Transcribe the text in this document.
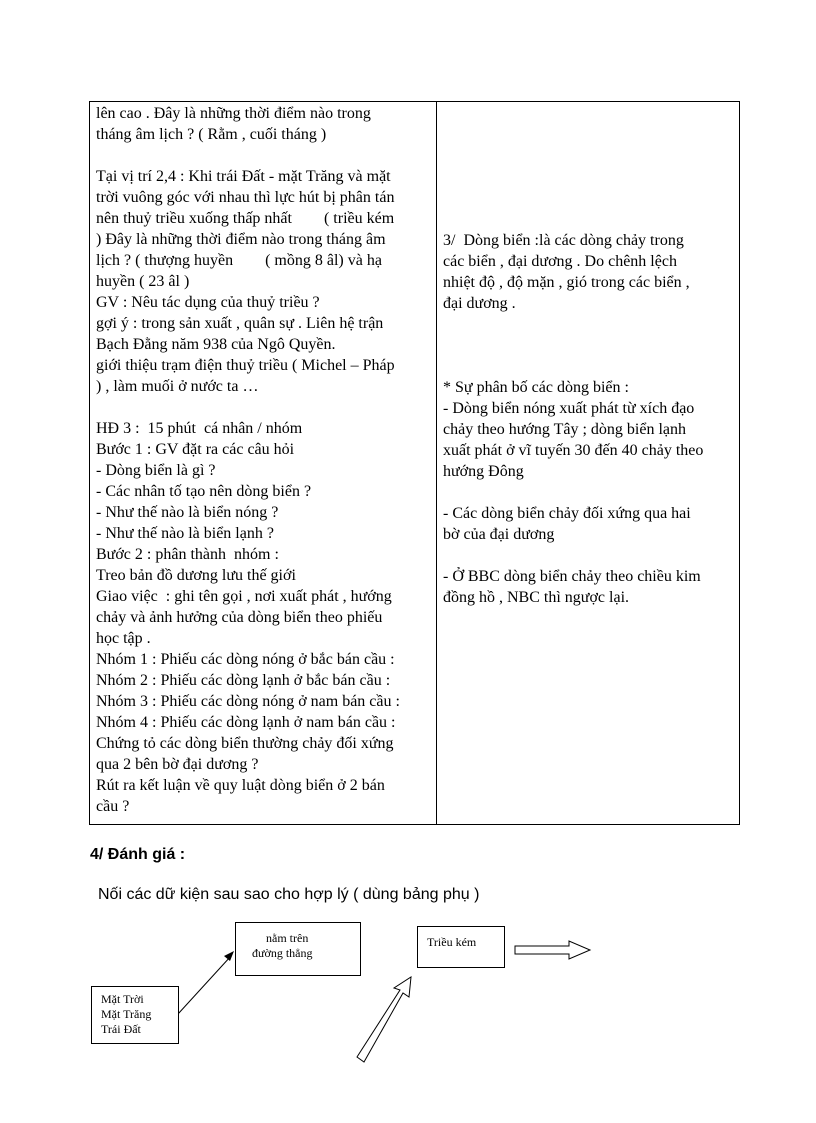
lên cao . Đây là những thời điểm nào trong
tháng âm lịch ? ( Rằm , cuối tháng )
Tại vị trí 2,4 : Khi trái Đất - mặt Trăng và mặt
trời vuông góc với nhau thì lực hút bị phân tán
nên thuỷ triều xuống thấp nhất        ( triều kém
) Đây là những thời điểm nào trong tháng âm
lịch ? ( thượng huyền        ( mồng 8 âl) và hạ
huyền ( 23 âl )
GV : Nêu tác dụng của thuỷ triều ?
gợi ý : trong sản xuất , quân sự . Liên hệ trận
Bạch Đằng năm 938 của Ngô Quyền.
giới thiệu trạm điện thuỷ triều ( Michel – Pháp
) , làm muối ở nước ta …
HĐ 3 :  15 phút  cá nhân / nhóm
Bước 1 : GV đặt ra các câu hỏi
- Dòng biển là gì ?
- Các nhân tố tạo nên dòng biển ?
- Như thế nào là biển nóng ?
- Như thế nào là biển lạnh ?
Bước 2 : phân thành  nhóm :
Treo bản đồ dương lưu thế giới
Giao việc  : ghi tên gọi , nơi xuất phát , hướng
chảy và ảnh hưởng của dòng biển theo phiếu
học tập .
Nhóm 1 : Phiếu các dòng nóng ở bắc bán cầu :
Nhóm 2 : Phiếu các dòng lạnh ở bắc bán cầu :
Nhóm 3 : Phiếu các dòng nóng ở nam bán cầu :
Nhóm 4 : Phiếu các dòng lạnh ở nam bán cầu :
Chứng tỏ các dòng biển thường chảy đối xứng
qua 2 bên bờ đại dương ?
Rút ra kết luận về quy luật dòng biển ở 2 bán
cầu ?
3/  Dòng biển :là các dòng chảy trong
các biển , đại dương . Do chênh lệch
nhiệt độ , độ mặn , gió trong các biển ,
đại dương .
* Sự phân bố các dòng biển :
- Dòng biển nóng xuất phát từ xích đạo
chảy theo hướng Tây ; dòng biển lạnh
xuất phát ở vĩ tuyến 30 đến 40 chảy theo
hướng Đông
- Các dòng biển chảy đối xứng qua hai
bờ của đại dương
- Ở BBC dòng biển chảy theo chiều kim
đồng hồ , NBC thì ngược lại.
4/ Đánh giá :
Nối các dữ kiện sau sao cho hợp lý ( dùng bảng phụ )
Mặt Trời
Mặt Trăng
Trái Đất
nằm trên
đường thẳng
Triều kém
